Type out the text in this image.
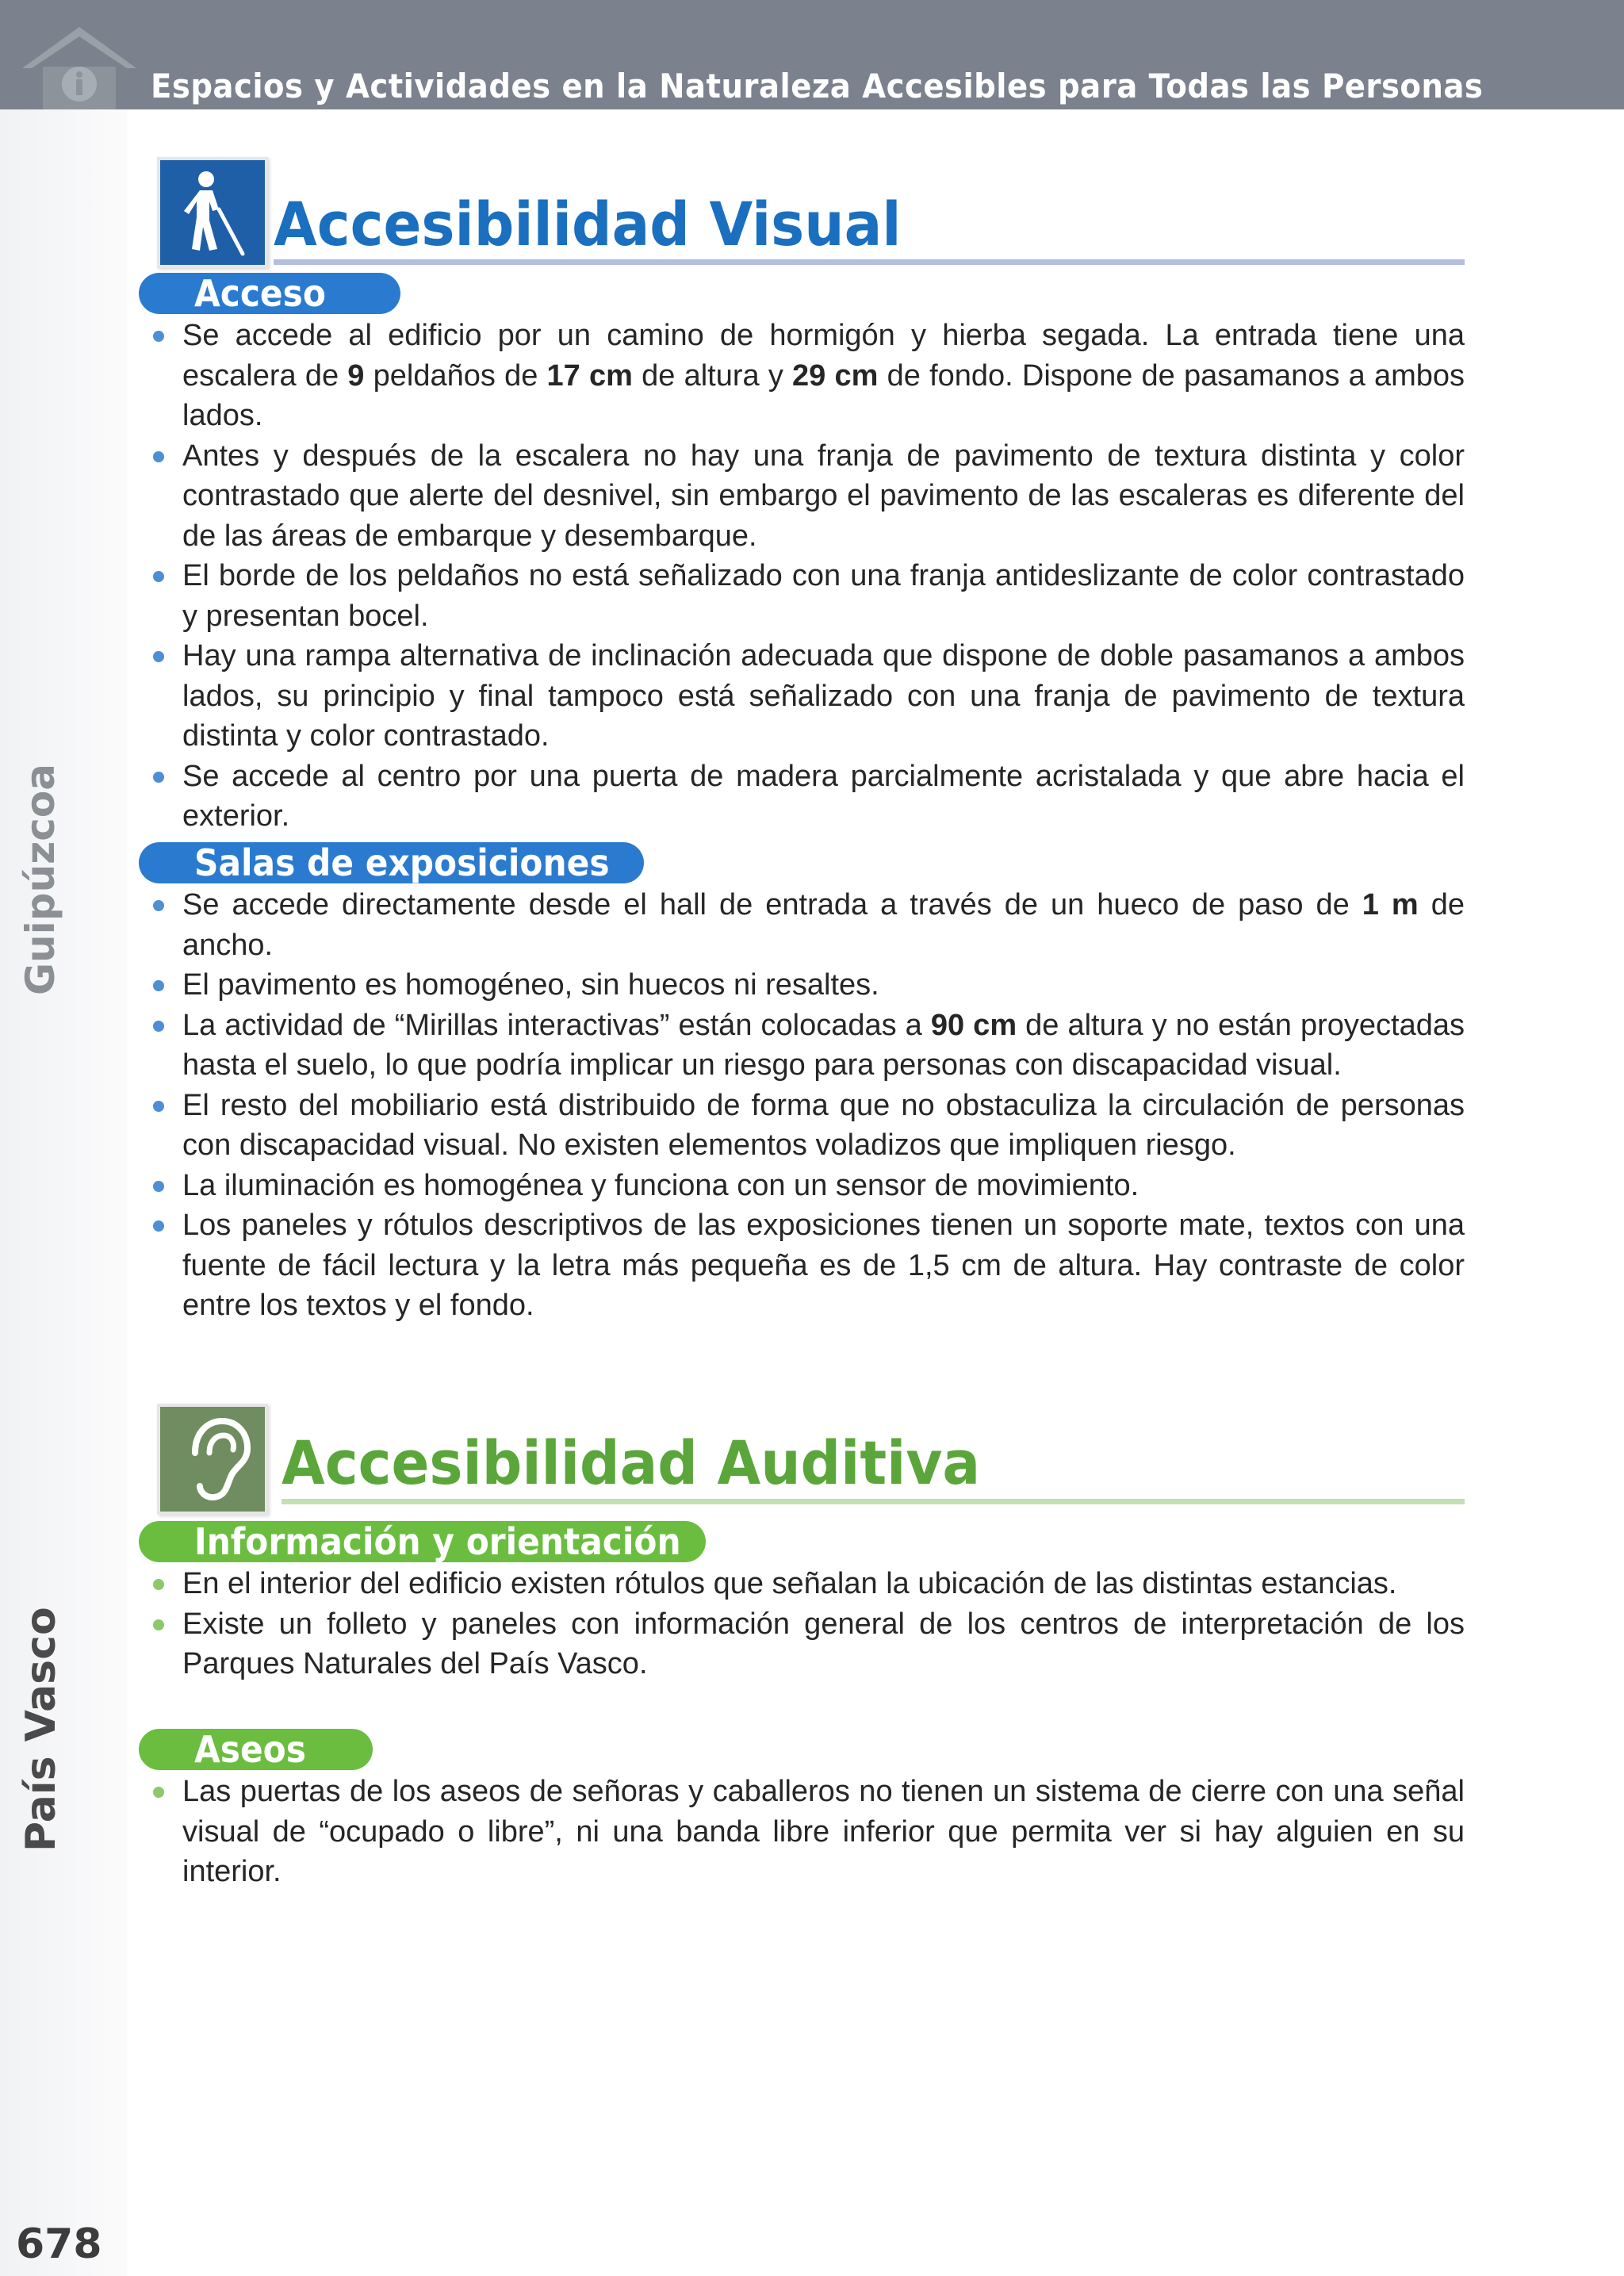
Espacios y Actividades en la Naturaleza Accesibles para Todas las Personas
Guipúzcoa
País Vasco
678
Accesibilidad Visual
Acceso
Se accede al edificio por un camino de hormigón y hierba segada. La entrada tiene una escalera de 9 peldaños de 17 cm de altura y 29 cm de fondo. Dispone de pasamanos a ambos lados.
Antes y después de la escalera no hay una franja de pavimento de textura distinta y color contrastado que alerte del desnivel, sin embargo el pavimento de las escaleras es diferente del de las áreas de embarque y desembarque.
El borde de los peldaños no está señalizado con una franja antideslizante de color contrastado y presentan bocel.
Hay una rampa alternativa de inclinación adecuada que dispone de doble pasamanos a ambos lados, su principio y final tampoco está señalizado con una franja de pavimento de textura distinta y color contrastado.
Se accede al centro por una puerta de madera parcialmente acristalada y que abre hacia el exterior.
Salas de exposiciones
Se accede directamente desde el hall de entrada a través de un hueco de paso de 1 m de ancho.
El pavimento es homogéneo, sin huecos ni resaltes.
La actividad de “Mirillas interactivas” están colocadas a 90 cm de altura y no están proyectadas hasta el suelo, lo que podría implicar un riesgo para personas con discapacidad visual.
El resto del mobiliario está distribuido de forma que no obstaculiza la circulación de personas con discapacidad visual. No existen elementos voladizos que impliquen riesgo.
La iluminación es homogénea y funciona con un sensor de movimiento.
Los paneles y rótulos descriptivos de las exposiciones tienen un soporte mate, textos con una fuente de fácil lectura y la letra más pequeña es de 1,5 cm de altura. Hay contraste de color entre los textos y el fondo.
Accesibilidad Auditiva
Información y orientación
En el interior del edificio existen rótulos que señalan la ubicación de las distintas estancias.
Existe un folleto y paneles con información general de los centros de interpretación de los Parques Naturales del País Vasco.
Aseos
Las puertas de los aseos de señoras y caballeros no tienen un sistema de cierre con una señal visual de “ocupado o libre”, ni una banda libre inferior que permita ver si hay alguien en su interior.
